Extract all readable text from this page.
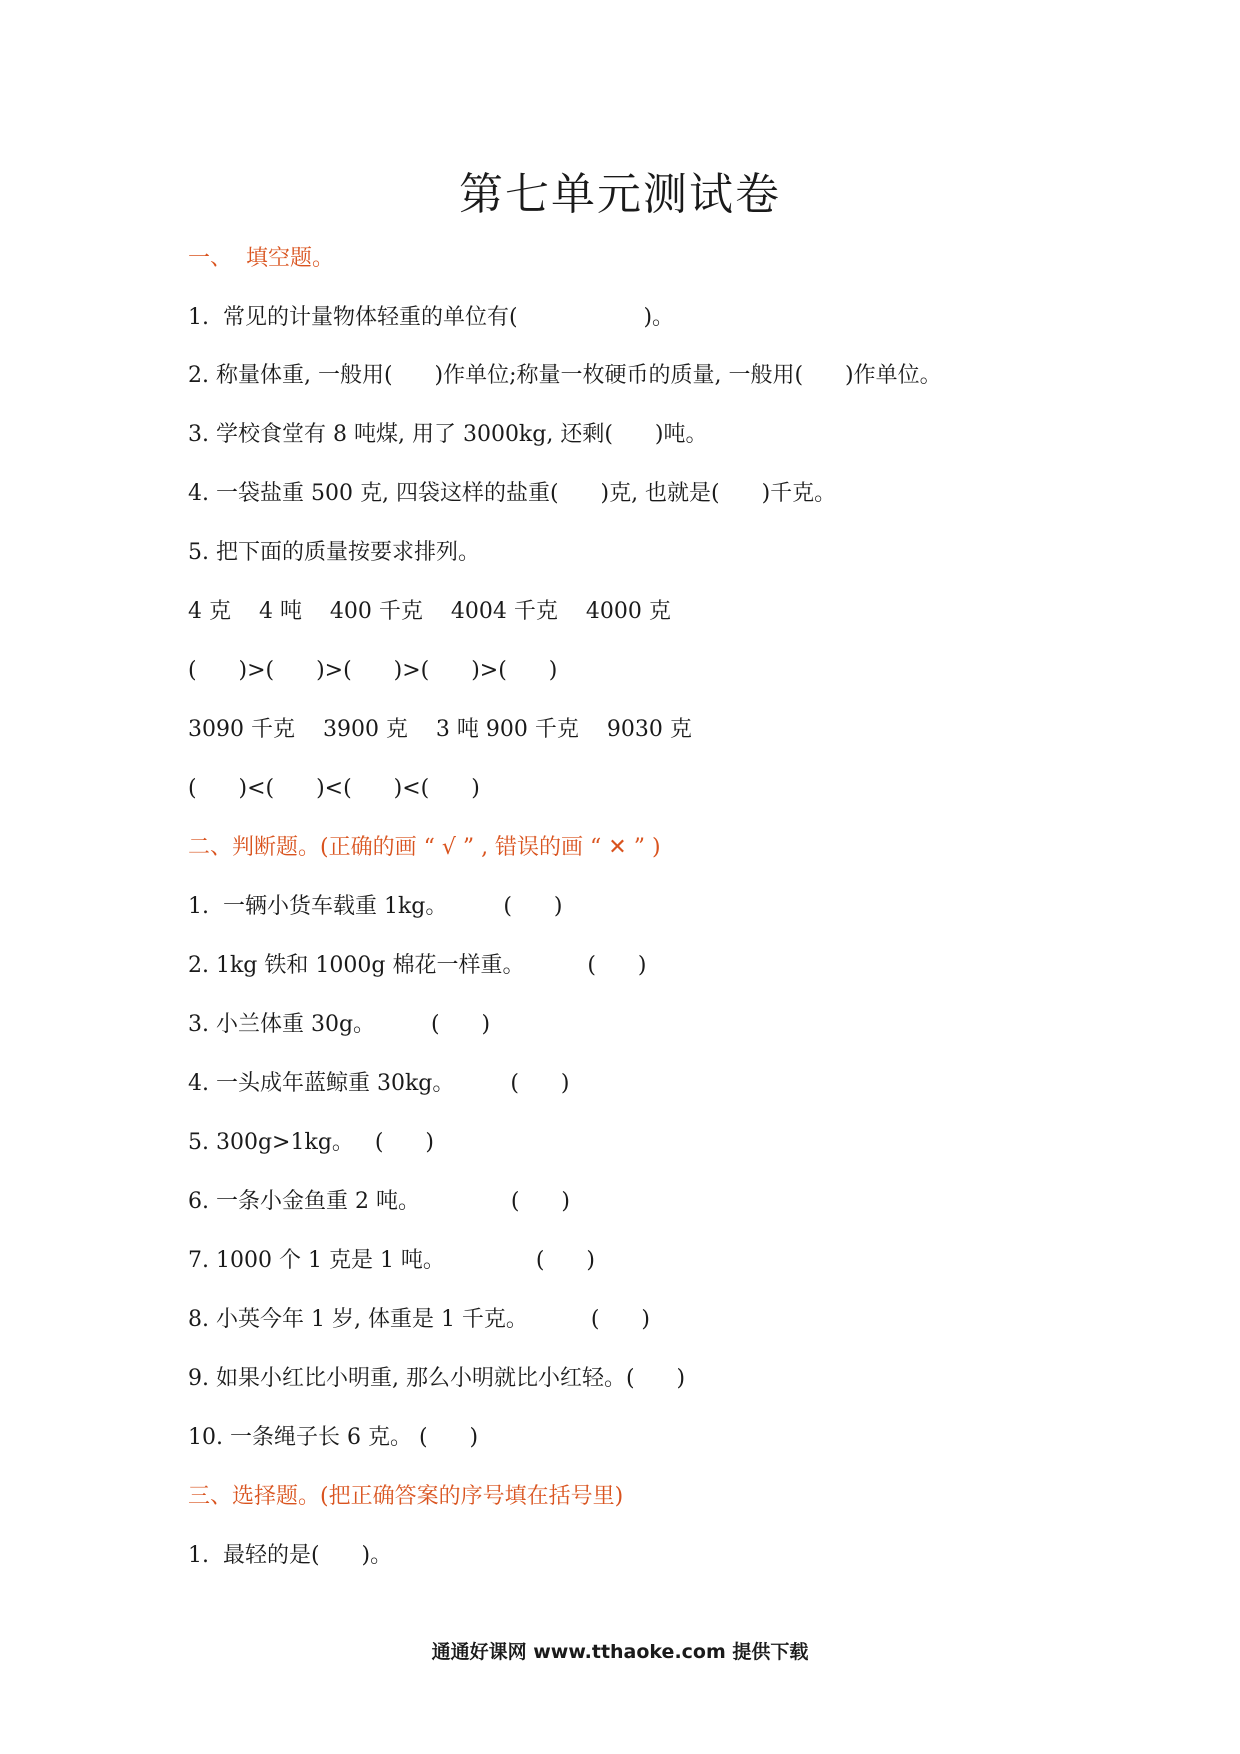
第七单元测试卷
一、  填空题。
1.  常见的计量物体轻重的单位有(                  )。
2. 称量体重, 一般用(      )作单位;称量一枚硬币的质量, 一般用(      )作单位。
3. 学校食堂有 8 吨煤, 用了 3000kg, 还剩(      )吨。
4. 一袋盐重 500 克, 四袋这样的盐重(      )克, 也就是(      )千克。
5. 把下面的质量按要求排列。
4 克    4 吨    400 千克    4004 千克    4000 克
(      )>(      )>(      )>(      )>(      )
3090 千克    3900 克    3 吨 900 千克    9030 克
(      )<(      )<(      )<(      )
二、判断题。(正确的画 “ √ ” , 错误的画 “ ✕ ” )
1.  一辆小货车载重 1kg。        (      )
2. 1kg 铁和 1000g 棉花一样重。         (      )
3. 小兰体重 30g。        (      )
4. 一头成年蓝鲸重 30kg。        (      )
5. 300g>1kg。   (      )
6. 一条小金鱼重 2 吨。             (      )
7. 1000 个 1 克是 1 吨。             (      )
8. 小英今年 1 岁, 体重是 1 千克。         (      )
9. 如果小红比小明重, 那么小明就比小红轻。(      )
10. 一条绳子长 6 克。 (      )
三、选择题。(把正确答案的序号填在括号里)
1.  最轻的是(      )。
通通好课网 www.tthaoke.com 提供下载
